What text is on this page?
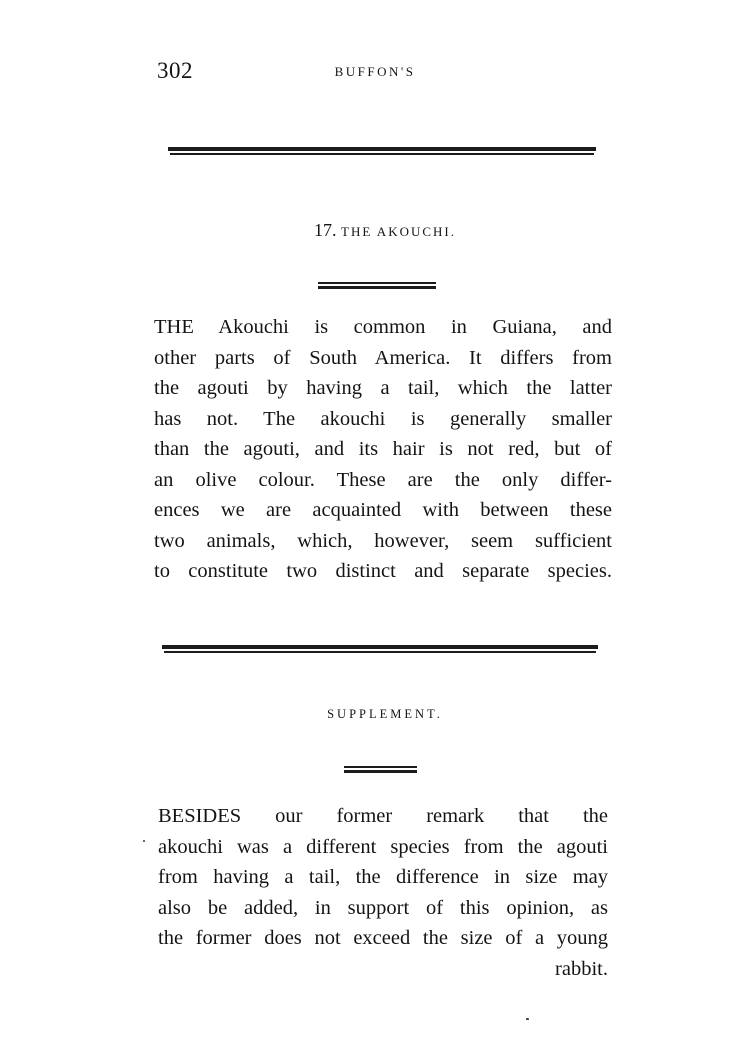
302	BUFFON'S
17. THE AKOUCHI.
THE Akouchi is common in Guiana, and
other parts of South America. It differs from
the agouti by having a tail, which the latter
has not. The akouchi is generally smaller
than the agouti, and its hair is not red, but of
an olive colour. These are the only differ-
ences we are acquainted with between these
two animals, which, however, seem sufficient
to constitute two distinct and separate species.
SUPPLEMENT.
BESIDES our former remark that the
akouchi was a different species from the agouti
from having a tail, the difference in size may
also be added, in support of this opinion, as
the former does not exceed the size of a young
rabbit.
